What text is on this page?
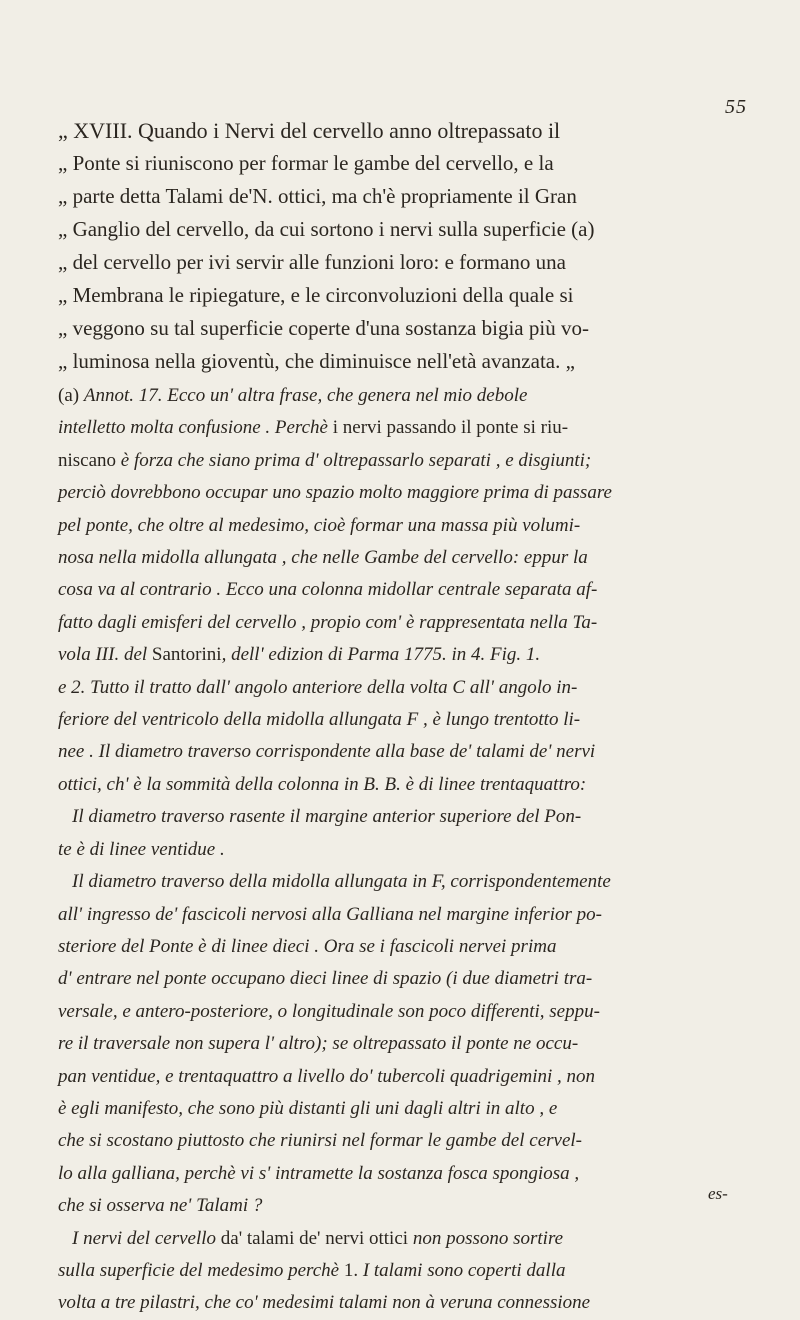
55
„ XVIII. Quando i Nervi del cervello anno oltrepassato il
„ Ponte si riuniscono per formar le gambe del cervello, e la
„ parte detta Talami de'N. ottici, ma ch'è propriamente il Gran
„ Ganglio del cervello, da cui sortono i nervi sulla superficie (a)
„ del cervello per ivi servir alle funzioni loro: e formano una
„ Membrana le ripiegature, e le circonvoluzioni della quale si
„ veggono su tal superficie coperte d'una sostanza bigia più vo-
„ luminosa nella gioventù, che diminuisce nell'età avanzata. „
(a) Annot. 17. Ecco un' altra frase, che genera nel mio debole
intelletto molta confusione . Perchè i nervi passando il ponte si riu-
niscano è forza che siano prima d' oltrepassarlo separati , e disgiunti;
perciò dovrebbono occupar uno spazio molto maggiore prima di passare
pel ponte, che oltre al medesimo, cioè formar una massa più volumi-
nosa nella midolla allungata , che nelle Gambe del cervello: eppur la
cosa va al contrario . Ecco una colonna midollar centrale separata af-
fatto dagli emisferi del cervello , propio com' è rappresentata nella Ta-
vola III. del Santorini, dell' edizion di Parma 1775. in 4. Fig. 1.
e 2. Tutto il tratto dall' angolo anteriore della volta C all' angolo in-
feriore del ventricolo della midolla allungata F , è lungo trentotto li-
nee . Il diametro traverso corrispondente alla base de' talami de' nervi
ottici, ch' è la sommità della colonna in B. B. è di linee trentaquattro:
Il diametro traverso rasente il margine anterior superiore del Pon-
te è di linee ventidue .
Il diametro traverso della midolla allungata in F, corrispondentemente
all' ingresso de' fascicoli nervosi alla Galliana nel margine inferior po-
steriore del Ponte è di linee dieci . Ora se i fascicoli nervei prima
d' entrare nel ponte occupano dieci linee di spazio (i due diametri tra-
versale, e antero-posteriore, o longitudinale son poco differenti, seppu-
re il traversale non supera l' altro); se oltrepassato il ponte ne occu-
pan ventidue, e trentaquattro a livello do' tubercoli quadrigemini , non
è egli manifesto, che sono più distanti gli uni dagli altri in alto , e
che si scostano piuttosto che riunirsi nel formar le gambe del cervel-
lo alla galliana, perchè vi s' intramette la sostanza fosca spongiosa ,
che si osserva ne' Talami ?
I nervi del cervello da' talami de' nervi ottici non possono sortire
sulla superficie del medesimo perchè 1. I talami sono coperti dalla
volta a tre pilastri, che co' medesimi talami non à veruna connessione
es-
